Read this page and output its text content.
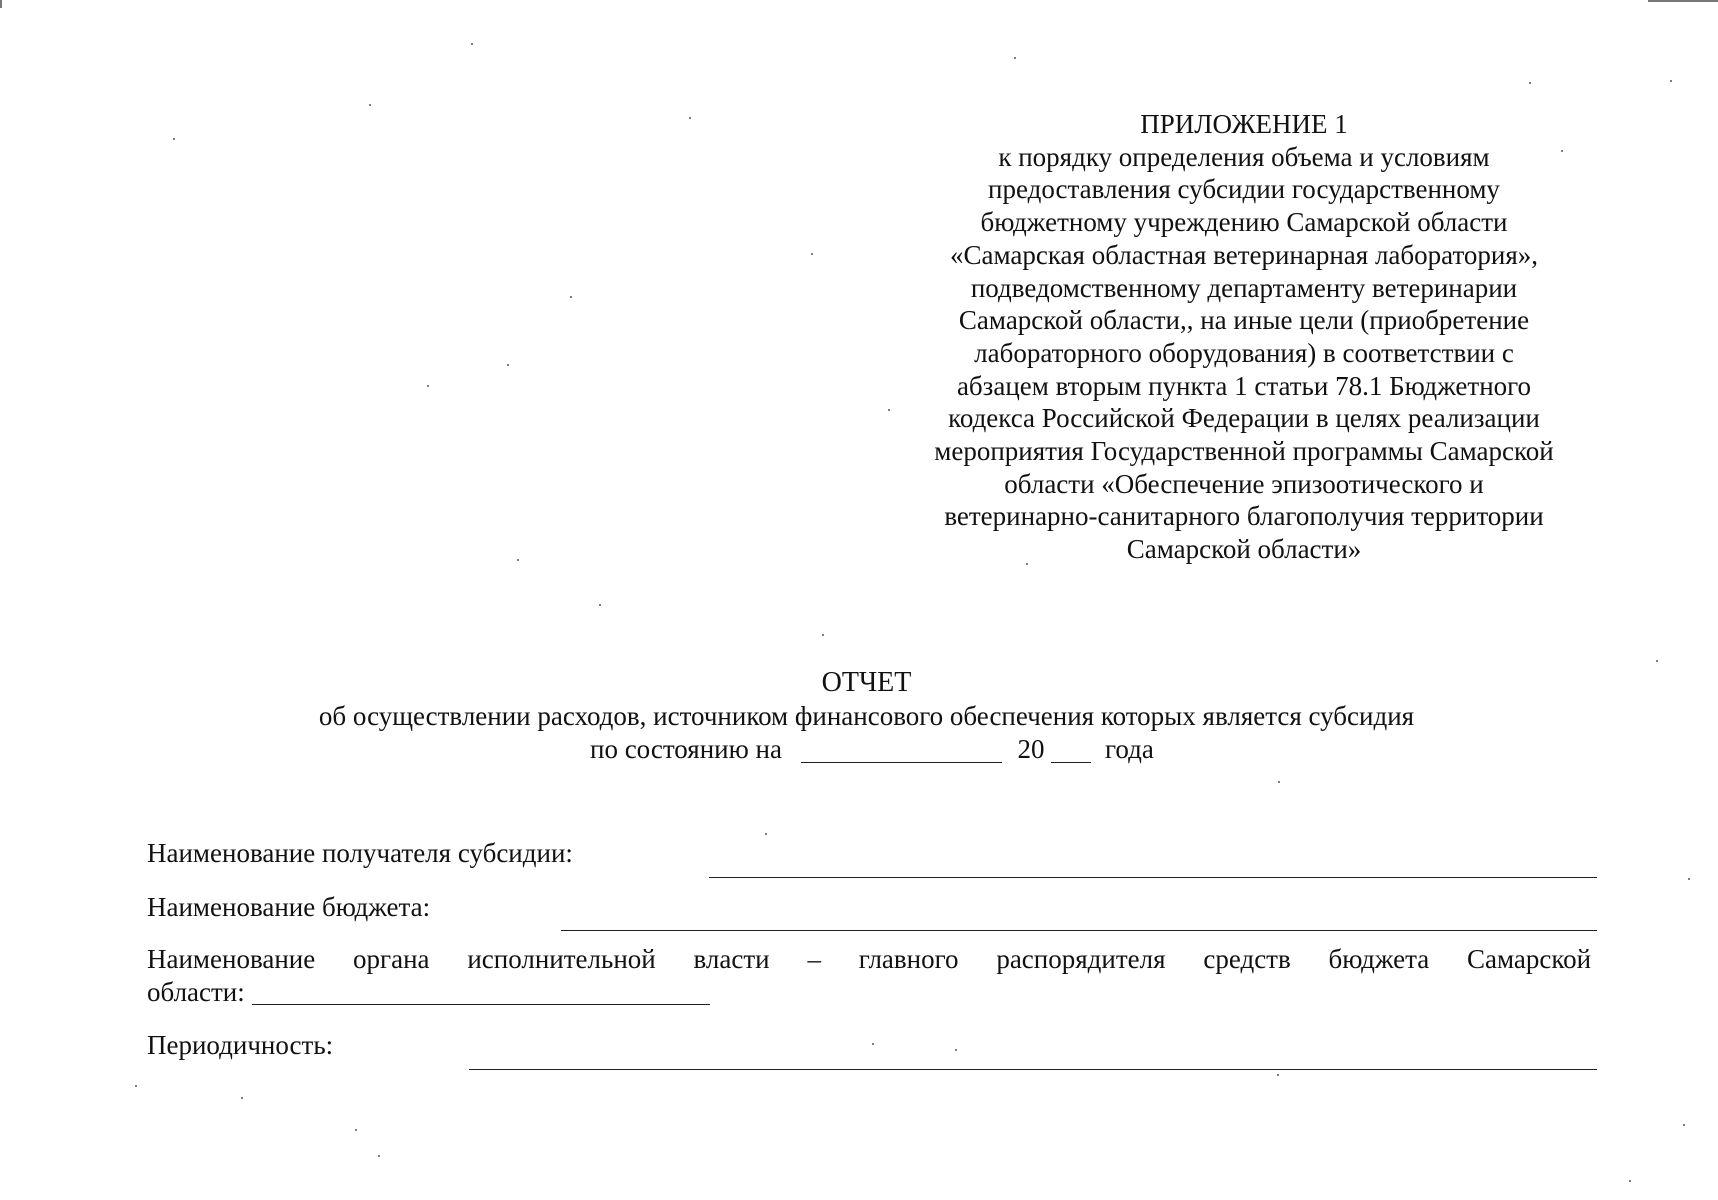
ПРИЛОЖЕНИЕ 1
к порядку определения объема и условиям
предоставления субсидии государственному
бюджетному учреждению Самарской области
«Самарская областная ветеринарная лаборатория»,
подведомственному департаменту ветеринарии
Самарской области,, на иные цели (приобретение
лабораторного оборудования) в соответствии с
абзацем вторым пункта 1 статьи 78.1 Бюджетного
кодекса Российской Федерации в целях реализации
мероприятия Государственной программы Самарской
области «Обеспечение эпизоотического и
ветеринарно-санитарного благополучия территории
Самарской области»
ОТЧЕТ
об осуществлении расходов, источником финансового обеспечения которых является субсидия
по состоянию на	20 года
Наименование получателя субсидии:
Наименование бюджета:
Наименование органа исполнительной власти – главного распорядителя средств бюджета Самарской
области:
Периодичность:
